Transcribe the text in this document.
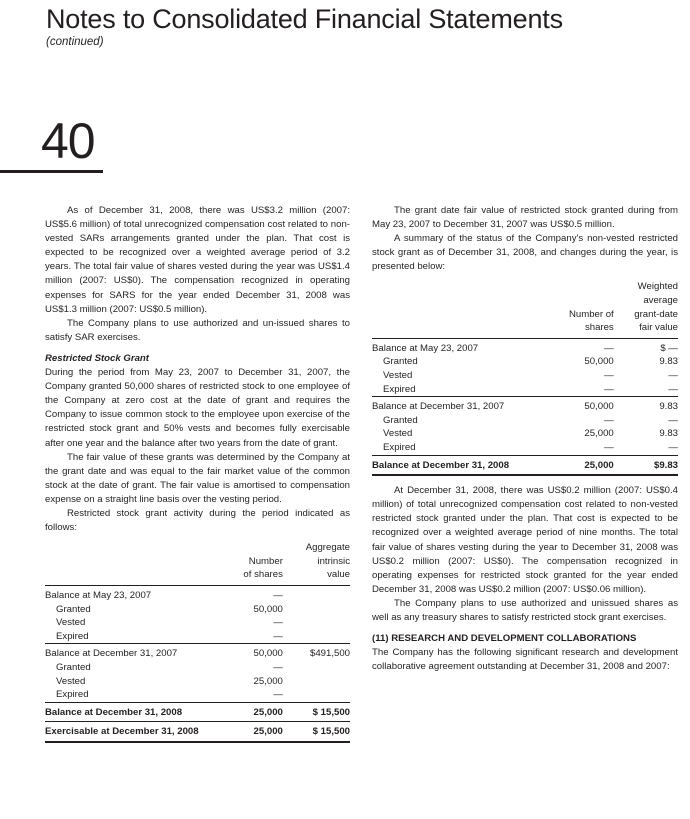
Notes to Consolidated Financial Statements
(continued)
40

As of December 31, 2008, there was US$3.2 million (2007: US$5.6 million) of total unrecognized compensation cost related to non-vested SARs arrangements granted under the plan. That cost is expected to be recognized over a weighted average period of 3.2 years. The total fair value of shares vested during the year was US$1.4 million (2007: US$0). The compensation recognized in operating expenses for SARS for the year ended December 31, 2008 was US$1.3 million (2007: US$0.5 million).

The Company plans to use authorized and un-issued shares to satisfy SAR exercises.

Restricted Stock Grant

During the period from May 23, 2007 to December 31, 2007, the Company granted 50,000 shares of restricted stock to one employee of the Company at zero cost at the date of grant and requires the Company to issue common stock to the employee upon exercise of the restricted stock grant and 50% vests and becomes fully exercisable after one year and the balance after two years from the date of grant.

The fair value of these grants was determined by the Company at the grant date and was equal to the fair market value of the common stock at the date of grant. The fair value is amortised to compensation expense on a straight line basis over the vesting period.

Restricted stock grant activity during the period indicated as follows:

	Number of shares	Aggregate intrinsic value
Balance at May 23, 2007	—	
Granted	50,000	
Vested	—	
Expired	—	
Balance at December 31, 2007	50,000	$491,500
Granted	—	
Vested	25,000	
Expired	—	
Balance at December 31, 2008	25,000	$ 15,500
Exercisable at December 31, 2008	25,000	$ 15,500

The grant date fair value of restricted stock granted during from May 23, 2007 to December 31, 2007 was US$0.5 million.

A summary of the status of the Company's non-vested restricted stock grant as of December 31, 2008, and changes during the year, is presented below:

	Number of shares	Weighted average grant-date fair value
Balance at May 23, 2007	—	$ —
Granted	50,000	9.83
Vested	—	—
Expired	—	—
Balance at December 31, 2007	50,000	9.83
Granted	—	—
Vested	25,000	9.83
Expired	—	—
Balance at December 31, 2008	25,000	$9.83

At December 31, 2008, there was US$0.2 million (2007: US$0.4 million) of total unrecognized compensation cost related to non-vested restricted stock granted under the plan. That cost is expected to be recognized over a weighted average period of nine months. The total fair value of shares vesting during the year to December 31, 2008 was US$0.2 million (2007: US$0). The compensation recognized in operating expenses for restricted stock granted for the year ended December 31, 2008 was US$0.2 million (2007: US$0.06 million).

The Company plans to use authorized and unissued shares as well as any treasury shares to satisfy restricted stock grant exercises.

(11) RESEARCH AND DEVELOPMENT COLLABORATIONS

The Company has the following significant research and development collaborative agreement outstanding at December 31, 2008 and 2007:
